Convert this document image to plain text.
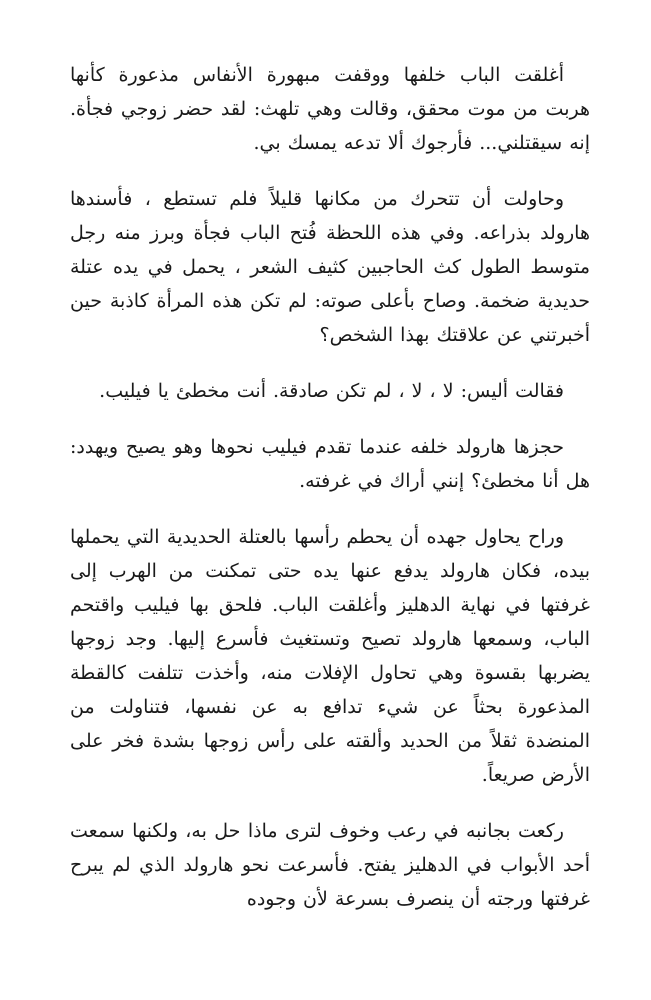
أغلقت الباب خلفها ووقفت مبهورة الأنفاس مذعورة كأنها هربت من موت محقق، وقالت وهي تلهث: لقد حضر زوجي فجأة. إنه سيقتلني... فأرجوك ألا تدعه يمسك بي.

وحاولت أن تتحرك من مكانها قليلاً فلم تستطع ، فأسندها هارولد بذراعه. وفي هذه اللحظة فُتح الباب فجأة وبرز منه رجل متوسط الطول كث الحاجبين كثيف الشعر ، يحمل في يده عتلة حديدية ضخمة. وصاح بأعلى صوته: لم تكن هذه المرأة كاذبة حين أخبرتني عن علاقتك بهذا الشخص؟

فقالت أليس: لا ، لا ، لم تكن صادقة. أنت مخطئ يا فيليب.

حجزها هارولد خلفه عندما تقدم فيليب نحوها وهو يصيح ويهدد: هل أنا مخطئ؟ إنني أراك في غرفته.

وراح يحاول جهده أن يحطم رأسها بالعتلة الحديدية التي يحملها بيده، فكان هارولد يدفع عنها يده حتى تمكنت من الهرب إلى غرفتها في نهاية الدهليز وأغلقت الباب. فلحق بها فيليب واقتحم الباب، وسمعها هارولد تصيح وتستغيث فأسرع إليها. وجد زوجها يضربها بقسوة وهي تحاول الإفلات منه، وأخذت تتلفت كالقطة المذعورة بحثاً عن شيء تدافع به عن نفسها، فتناولت من المنضدة ثقلاً من الحديد وألقته على رأس زوجها بشدة فخر على الأرض صريعاً.

ركعت بجانبه في رعب وخوف لترى ماذا حل به، ولكنها سمعت أحد الأبواب في الدهليز يفتح. فأسرعت نحو هارولد الذي لم يبرح غرفتها ورجته أن ينصرف بسرعة لأن وجوده
